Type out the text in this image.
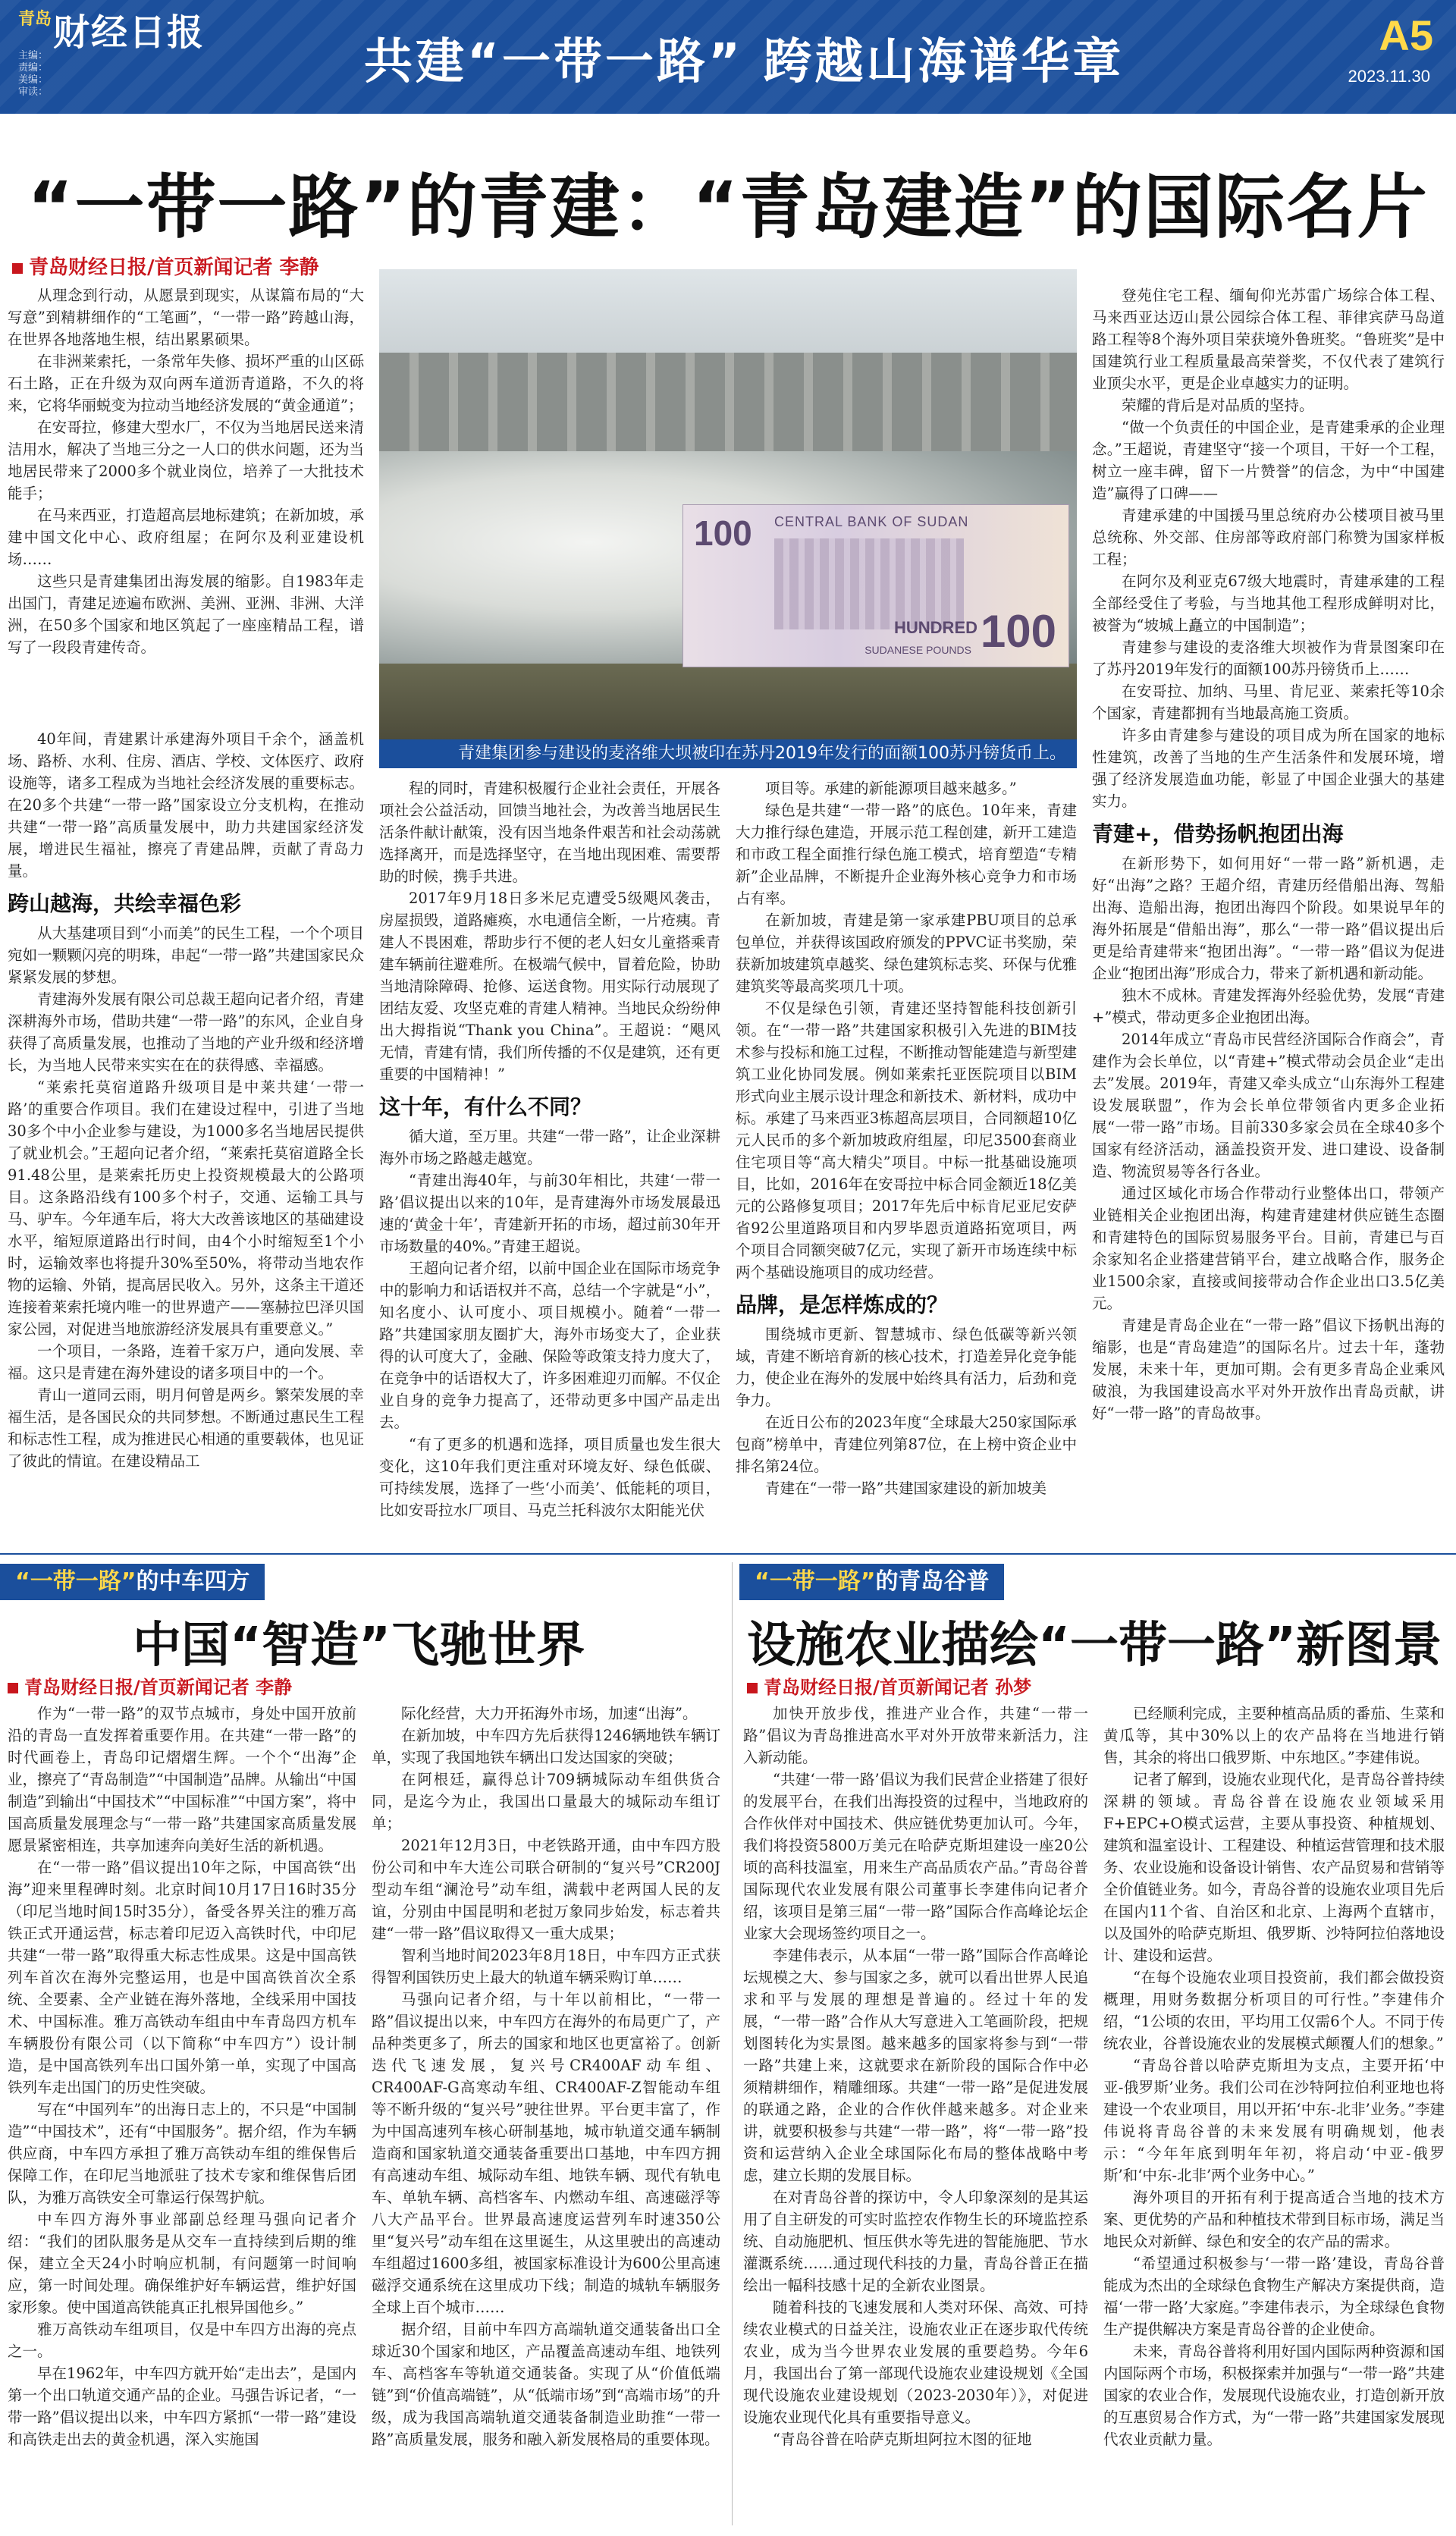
青岛 财经日报
主编：
责编：
美编：
审读：
共建“一带一路” 跨越山海谱华章	A5
2023.11.30
“一带一路”的青建：“青岛建造”的国际名片
青岛财经日报/首页新闻记者 李静
100 CENTRAL BANK OF SUDAN
HUNDRED
SUDANESE POUNDS 100
青建集团参与建设的麦洛维大坝被印在苏丹2019年发行的面额100苏丹镑货币上。

从理念到行动，从愿景到现实，从谋篇布局的“大写意”到精耕细作的“工笔画”，“一带一路”跨越山海，在世界各地落地生根，结出累累硕果。

在非洲莱索托，一条常年失修、损坏严重的山区砾石土路，正在升级为双向两车道沥青道路，不久的将来，它将华丽蜕变为拉动当地经济发展的“黄金通道”；

在安哥拉，修建大型水厂，不仅为当地居民送来清洁用水，解决了当地三分之一人口的供水问题，还为当地居民带来了2000多个就业岗位，培养了一大批技术能手；

在马来西亚，打造超高层地标建筑；在新加坡，承建中国文化中心、政府组屋；在阿尔及利亚建设机场……

这些只是青建集团出海发展的缩影。自1983年走出国门，青建足迹遍布欧洲、美洲、亚洲、非洲、大洋洲，在50多个国家和地区筑起了一座座精品工程，谱写了一段段青建传奇。

40年间，青建累计承建海外项目千余个，涵盖机场、路桥、水利、住房、酒店、学校、文体医疗、政府设施等，诸多工程成为当地社会经济发展的重要标志。在20多个共建“一带一路”国家设立分支机构，在推动共建“一带一路”高质量发展中，助力共建国家经济发展，增进民生福祉，擦亮了青建品牌，贡献了青岛力量。

跨山越海，共绘幸福色彩

从大基建项目到“小而美”的民生工程，一个个项目宛如一颗颗闪亮的明珠，串起“一带一路”共建国家民众紧紧发展的梦想。

青建海外发展有限公司总裁王超向记者介绍，青建深耕海外市场，借助共建“一带一路”的东风，企业自身获得了高质量发展，也推动了当地的产业升级和经济增长，为当地人民带来实实在在的获得感、幸福感。

“莱索托莫宿道路升级项目是中莱共建‘一带一路’的重要合作项目。我们在建设过程中，引进了当地30多个中小企业参与建设，为1000多名当地居民提供了就业机会。”王超向记者介绍，“莱索托莫宿道路全长91.48公里，是莱索托历史上投资规模最大的公路项目。这条路沿线有100多个村子，交通、运输工具与马、驴车。今年通车后，将大大改善该地区的基础建设水平，缩短原道路出行时间，由4个小时缩短至1个小时，运输效率也将提升30%至50%，将带动当地农作物的运输、外销，提高居民收入。另外，这条主干道还连接着莱索托境内唯一的世界遗产——塞赫拉巴泽贝国家公园，对促进当地旅游经济发展具有重要意义。”

一个项目，一条路，连着千家万户，通向发展、幸福。这只是青建在海外建设的诸多项目中的一个。

青山一道同云雨，明月何曾是两乡。繁荣发展的幸福生活，是各国民众的共同梦想。不断通过惠民生工程和标志性工程，成为推进民心相通的重要载体，也见证了彼此的情谊。在建设精品工

程的同时，青建积极履行企业社会责任，开展各项社会公益活动，回馈当地社会，为改善当地居民生活条件献计献策，没有因当地条件艰苦和社会动荡就选择离开，而是选择坚守，在当地出现困难、需要帮助的时候，携手共进。

2017年9月18日多米尼克遭受5级飓风袭击，房屋损毁，道路瘫痪，水电通信全断，一片疮痍。青建人不畏困难，帮助步行不便的老人妇女儿童搭乘青建车辆前往避难所。在极端气候中，冒着危险，协助当地清除障碍、抢修、运送食物。用实际行动展现了团结友爱、攻坚克难的青建人精神。当地民众纷纷伸出大拇指说“Thank you China”。王超说：“飓风无情，青建有情，我们所传播的不仅是建筑，还有更重要的中国精神！”

这十年，有什么不同？

循大道，至万里。共建“一带一路”，让企业深耕海外市场之路越走越宽。

“青建出海40年，与前30年相比，共建‘一带一路’倡议提出以来的10年，是青建海外市场发展最迅速的‘黄金十年’，青建新开拓的市场，超过前30年开市场数量的40%。”青建王超说。

王超向记者介绍，以前中国企业在国际市场竞争中的影响力和话语权并不高，总结一个字就是“小”，知名度小、认可度小、项目规模小。随着“一带一路”共建国家朋友圈扩大，海外市场变大了，企业获得的认可度大了，金融、保险等政策支持力度大了，在竞争中的话语权大了，许多困难迎刃而解。不仅企业自身的竞争力提高了，还带动更多中国产品走出去。

“有了更多的机遇和选择，项目质量也发生很大变化，这10年我们更注重对环境友好、绿色低碳、可持续发展，选择了一些‘小而美’、低能耗的项目，比如安哥拉水厂项目、马克兰托科波尔太阳能光伏

项目等。承建的新能源项目越来越多。”

绿色是共建“一带一路”的底色。10年来，青建大力推行绿色建造，开展示范工程创建，新开工建造和市政工程全面推行绿色施工模式，培育塑造“专精新”企业品牌，不断提升企业海外核心竞争力和市场占有率。

在新加坡，青建是第一家承建PBU项目的总承包单位，并获得该国政府颁发的PPVC证书奖励，荣获新加坡建筑卓越奖、绿色建筑标志奖、环保与优雅建筑奖等最高奖项几十项。

不仅是绿色引领，青建还坚持智能科技创新引领。在“一带一路”共建国家积极引入先进的BIM技术参与投标和施工过程，不断推动智能建造与新型建筑工业化协同发展。例如莱索托亚医院项目以BIM形式向业主展示设计理念和新技术、新材料，成功中标。承建了马来西亚3栋超高层项目，合同额超10亿元人民币的多个新加坡政府组屋，印尼3500套商业住宅项目等“高大精尖”项目。中标一批基础设施项目，比如，2016年在安哥拉中标合同金额近18亿美元的公路修复项目；2017年先后中标肯尼亚尼安萨省92公里道路项目和内罗毕恩贡道路拓宽项目，两个项目合同额突破7亿元，实现了新开市场连续中标两个基础设施项目的成功经营。

品牌，是怎样炼成的？

围绕城市更新、智慧城市、绿色低碳等新兴领域，青建不断培育新的核心技术，打造差异化竞争能力，使企业在海外的发展中始终具有活力，后劲和竞争力。

在近日公布的2023年度“全球最大250家国际承包商”榜单中，青建位列第87位，在上榜中资企业中排名第24位。

青建在“一带一路”共建国家建设的新加坡美

登苑住宅工程、缅甸仰光苏雷广场综合体工程、马来西亚达迈山景公园综合体工程、菲律宾萨马岛道路工程等8个海外项目荣获境外鲁班奖。“鲁班奖”是中国建筑行业工程质量最高荣誉奖，不仅代表了建筑行业顶尖水平，更是企业卓越实力的证明。

荣耀的背后是对品质的坚持。

“做一个负责任的中国企业，是青建秉承的企业理念。”王超说，青建坚守“接一个项目，干好一个工程，树立一座丰碑，留下一片赞誉”的信念，为中“中国建造”赢得了口碑——

青建承建的中国援马里总统府办公楼项目被马里总统称、外交部、住房部等政府部门称赞为国家样板工程；

在阿尔及利亚克67级大地震时，青建承建的工程全部经受住了考验，与当地其他工程形成鲜明对比，被誉为“坡城上矗立的中国制造”；

青建参与建设的麦洛维大坝被作为背景图案印在了苏丹2019年发行的面额100苏丹镑货币上……

在安哥拉、加纳、马里、肯尼亚、莱索托等10余个国家，青建都拥有当地最高施工资质。

许多由青建参与建设的项目成为所在国家的地标性建筑，改善了当地的生产生活条件和发展环境，增强了经济发展造血功能，彰显了中国企业强大的基建实力。

青建+，借势扬帆抱团出海

在新形势下，如何用好“一带一路”新机遇，走好“出海”之路？王超介绍，青建历经借船出海、驾船出海、造船出海，抱团出海四个阶段。如果说早年的海外拓展是“借船出海”，那么“一带一路”倡议提出后更是给青建带来“抱团出海”。“一带一路”倡议为促进企业“抱团出海”形成合力，带来了新机遇和新动能。

独木不成林。青建发挥海外经验优势，发展“青建+”模式，带动更多企业抱团出海。

2014年成立“青岛市民营经济国际合作商会”，青建作为会长单位，以“青建+”模式带动会员企业“走出去”发展。2019年，青建又牵头成立“山东海外工程建设发展联盟”，作为会长单位带领省内更多企业拓展“一带一路”市场。目前330多家会员在全球40多个国家有经济活动，涵盖投资开发、进口建设、设备制造、物流贸易等各行各业。

通过区域化市场合作带动行业整体出口，带领产业链相关企业抱团出海，构建青建建材供应链生态圈和青建特色的国际贸易服务平台。目前，青建已与百余家知名企业搭建营销平台，建立战略合作，服务企业1500余家，直接或间接带动合作企业出口3.5亿美元。

青建是青岛企业在“一带一路”倡议下扬帆出海的缩影，也是“青岛建造”的国际名片。过去十年，蓬勃发展，未来十年，更加可期。会有更多青岛企业乘风破浪，为我国建设高水平对外开放作出青岛贡献，讲好“一带一路”的青岛故事。

“一带一路”的中车四方
中国“智造”飞驰世界
青岛财经日报/首页新闻记者 李静

作为“一带一路”的双节点城市，身处中国开放前沿的青岛一直发挥着重要作用。在共建“一带一路”的时代画卷上，青岛印记熠熠生辉。一个个“出海”企业，擦亮了“青岛制造”“中国制造”品牌。从输出“中国制造”到输出“中国技术”“中国标准”“中国方案”，将中国高质量发展理念与“一带一路”共建国家高质量发展愿景紧密相连，共享加速奔向美好生活的新机遇。

在“一带一路”倡议提出10年之际，中国高铁“出海”迎来里程碑时刻。北京时间10月17日16时35分（印尼当地时间15时35分），备受各界关注的雅万高铁正式开通运营，标志着印尼迈入高铁时代，中印尼共建“一带一路”取得重大标志性成果。这是中国高铁列车首次在海外完整运用，也是中国高铁首次全系统、全要素、全产业链在海外落地，全线采用中国技术、中国标准。雅万高铁动车组由中车青岛四方机车车辆股份有限公司（以下简称“中车四方”）设计制造，是中国高铁列车出口国外第一单，实现了中国高铁列车走出国门的历史性突破。

写在“中国列车”的出海日志上的，不只是“中国制造”“中国技术”，还有“中国服务”。据介绍，作为车辆供应商，中车四方承担了雅万高铁动车组的维保售后保障工作，在印尼当地派驻了技术专家和维保售后团队，为雅万高铁安全可靠运行保驾护航。

中车四方海外事业部副总经理马强向记者介绍：“我们的团队服务是从交车一直持续到后期的维保，建立全天24小时响应机制，有问题第一时间响应，第一时间处理。确保维护好车辆运营，维护好国家形象。使中国道高铁能真正扎根异国他乡。”

雅万高铁动车组项目，仅是中车四方出海的亮点之一。

早在1962年，中车四方就开始“走出去”，是国内第一个出口轨道交通产品的企业。马强告诉记者，“一带一路”倡议提出以来，中车四方紧抓“一带一路”建设和高铁走出去的黄金机遇，深入实施国

际化经营，大力开拓海外市场，加速“出海”。

在新加坡，中车四方先后获得1246辆地铁车辆订单，实现了我国地铁车辆出口发达国家的突破；

在阿根廷，赢得总计709辆城际动车组供货合同，是迄今为止，我国出口量最大的城际动车组订单；

2021年12月3日，中老铁路开通，由中车四方股份公司和中车大连公司联合研制的“复兴号”CR200J型动车组“澜沧号”动车组，满载中老两国人民的友谊，分别由中国昆明和老挝万象同步始发，标志着共建“一带一路”倡议取得又一重大成果；

智利当地时间2023年8月18日，中车四方正式获得智利国铁历史上最大的轨道车辆采购订单……

马强向记者介绍，与十年以前相比，“一带一路”倡议提出以来，中车四方在海外的布局更广了，产品种类更多了，所去的国家和地区也更富裕了。创新迭代飞速发展，复兴号CR400AF动车组、CR400AF-G高寒动车组、CR400AF-Z智能动车组等不断升级的“复兴号”驶往世界。平台更丰富了，作为中国高速列车核心研制基地，城市轨道交通车辆制造商和国家轨道交通装备重要出口基地，中车四方拥有高速动车组、城际动车组、地铁车辆、现代有轨电车、单轨车辆、高档客车、内燃动车组、高速磁浮等八大产品平台。世界最高速度运营列车时速350公里“复兴号”动车组在这里诞生，从这里驶出的高速动车组超过1600多组，被国家标准设计为600公里高速磁浮交通系统在这里成功下线；制造的城轨车辆服务全球上百个城市……

据介绍，目前中车四方高端轨道交通装备出口全球近30个国家和地区，产品覆盖高速动车组、地铁列车、高档客车等轨道交通装备。实现了从“价值低端链”到“价值高端链”，从“低端市场”到“高端市场”的升级，成为我国高端轨道交通装备制造业助推“一带一路”高质量发展，服务和融入新发展格局的重要体现。

“一带一路”的青岛谷普
设施农业描绘“一带一路”新图景
青岛财经日报/首页新闻记者 孙梦

加快开放步伐，推进产业合作，共建“一带一路”倡议为青岛推进高水平对外开放带来新活力，注入新动能。

“共建‘一带一路’倡议为我们民营企业搭建了很好的发展平台，在我们出海投资的过程中，当地政府的合作伙伴对中国技术、供应链优势更加认可。今年，我们将投资5800万美元在哈萨克斯坦建设一座20公顷的高科技温室，用来生产高品质农产品。”青岛谷普国际现代农业发展有限公司董事长李建伟向记者介绍，该项目是第三届“一带一路”国际合作高峰论坛企业家大会现场签约项目之一。

李建伟表示，从本届“一带一路”国际合作高峰论坛规模之大、参与国家之多，就可以看出世界人民追求和平与发展的理想是普遍的。经过十年的发展，“一带一路”合作从大写意进入工笔画阶段，把规划图转化为实景图。越来越多的国家将参与到“一带一路”共建上来，这就要求在新阶段的国际合作中必须精耕细作，精雕细琢。共建“一带一路”是促进发展的联通之路，企业的合作伙伴越来越多。对企业来讲，就要积极参与共建“一带一路”，将“一带一路”投资和运营纳入企业全球国际化布局的整体战略中考虑，建立长期的发展目标。

在对青岛谷普的探访中，令人印象深刻的是其运用了自主研发的可实时监控农作物生长的环境监控系统、自动施肥机、恒压供水等先进的智能施肥、节水灌溉系统……通过现代科技的力量，青岛谷普正在描绘出一幅科技感十足的全新农业图景。

随着科技的飞速发展和人类对环保、高效、可持续农业模式的日益关注，设施农业正在逐步取代传统农业，成为当今世界农业发展的重要趋势。今年6月，我国出台了第一部现代设施农业建设规划《全国现代设施农业建设规划（2023-2030年）》，对促进设施农业现代化具有重要指导意义。

“青岛谷普在哈萨克斯坦阿拉木图的征地

已经顺利完成，主要种植高品质的番茄、生菜和黄瓜等，其中30%以上的农产品将在当地进行销售，其余的将出口俄罗斯、中东地区。”李建伟说。

记者了解到，设施农业现代化，是青岛谷普持续深耕的领域。青岛谷普在设施农业领域采用F+EPC+O模式运营，主要从事投资、种植规划、建筑和温室设计、工程建设、种植运营管理和技术服务、农业设施和设备设计销售、农产品贸易和营销等全价值链业务。如今，青岛谷普的设施农业项目先后在国内11个省、自治区和北京、上海两个直辖市，以及国外的哈萨克斯坦、俄罗斯、沙特阿拉伯落地设计、建设和运营。

“在每个设施农业项目投资前，我们都会做投资概理，用财务数据分析项目的可行性。”李建伟介绍，“1公顷的农田，平均用工仅需6个人。不同于传统农业，谷普设施农业的发展模式颠覆人们的想象。”

“青岛谷普以哈萨克斯坦为支点，主要开拓‘中亚-俄罗斯’业务。我们公司在沙特阿拉伯利亚地也将建设一个农业项目，用以开拓‘中东-北非’业务。”李建伟说将青岛谷普的未来发展有明确规划，他表示：“今年年底到明年年初，将启动‘中亚-俄罗斯’和‘中东-北非’两个业务中心。”

海外项目的开拓有利于提高适合当地的技术方案、更优势的产品和种植技术带到目标市场，满足当地民众对新鲜、绿色和安全的农产品的需求。

“希望通过积极参与‘一带一路’建设，青岛谷普能成为杰出的全球绿色食物生产解决方案提供商，造福‘一带一路’大家庭。”李建伟表示，为全球绿色食物生产提供解决方案是青岛谷普的企业使命。

未来，青岛谷普将利用好国内国际两种资源和国内国际两个市场，积极探索并加强与“一带一路”共建国家的农业合作，发展现代设施农业，打造创新开放的互惠贸易合作方式，为“一带一路”共建国家发展现代农业贡献力量。
